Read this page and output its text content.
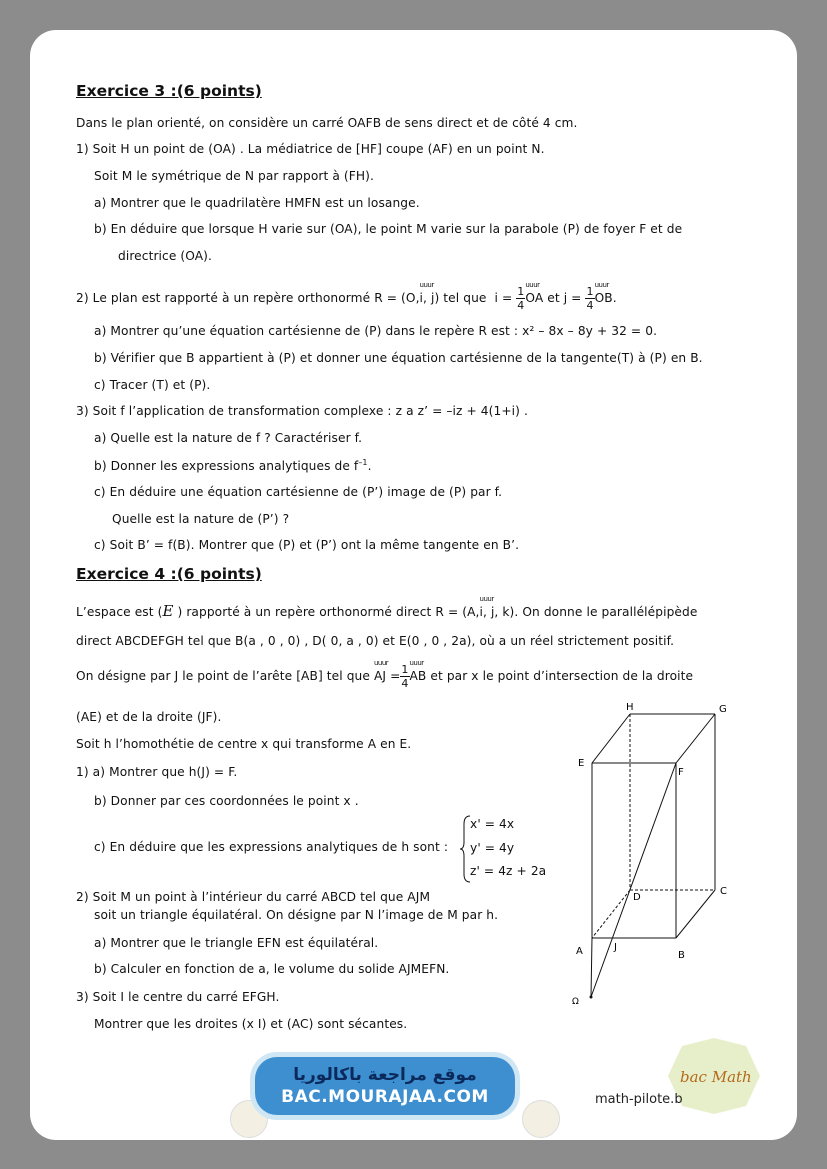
Exercice 3 :(6 points)
Dans le plan orienté, on considère un carré OAFB de sens direct et de côté 4 cm.
1) Soit H un point de (OA) . La médiatrice de [HF] coupe (AF) en un point N.
Soit M le symétrique de N par rapport à (FH).
a) Montrer que le quadrilatère HMFN est un losange.
b) En déduire que lorsque H varie sur (OA), le point M varie sur la parabole (P) de foyer F et de
directrice (OA).
2) Le plan est rapporté à un repère orthonormé R = (O,uuur i, j) tel que $i = \frac{1}{4}$ uuur OA et $j = \frac{1}{4}$ uuur OB.
a) Montrer qu’une équation cartésienne de (P) dans le repère R est : x² – 8x – 8y + 32 = 0.
b) Vérifier que B appartient à (P) et donner une équation cartésienne de la tangente(T) à (P) en B.
c) Tracer (T) et (P).
3) Soit f l’application de transformation complexe : z a z’ = –iz + 4(1+i) .
a) Quelle est la nature de f ? Caractériser f.
b) Donner les expressions analytiques de $f^{-1}$.
c) En déduire une équation cartésienne de (P’) image de (P) par f.
Quelle est la nature de (P’) ?
c) Soit B’ = f(B). Montrer que (P) et (P’) ont la même tangente en B’.
Exercice 4 :(6 points)
L’espace est (E ) rapporté à un repère orthonormé direct R = (A,uuur i, j, k). On donne le parallélépipède
direct ABCDEFGH tel que B(a , 0 , 0) , D( 0, a , 0) et E(0 , 0 , 2a), où a un réel strictement positif.
On désigne par J le point de l’arête [AB] tel que uuur AJ = $\frac{1}{4}$ uuur AB et par x le point d’intersection de la droite
(AE) et de la droite (JF).
Soit h l’homothétie de centre x qui transforme A en E.
1) a) Montrer que h(J) = F.
b) Donner par ces coordonnées le point x .
c) En déduire que les expressions analytiques de h sont :
x' = 4x
y' = 4y
z' = 4z + 2a
2) Soit M un point à l’intérieur du carré ABCD tel que AJM
soit un triangle équilatéral. On désigne par N l’image de M par h.
a) Montrer que le triangle EFN est équilatéral.
b) Calculer en fonction de a, le volume du solide AJMEFN.
3) Soit I le centre du carré EFGH.
Montrer que les droites (x I) et (AC) sont sécantes.
H	G
E
F
D
C
A	J
B
Ω
موقع مراجعة باكالوريا
BAC.MOURAJAA.COM
bac Math
math-pilote.b
